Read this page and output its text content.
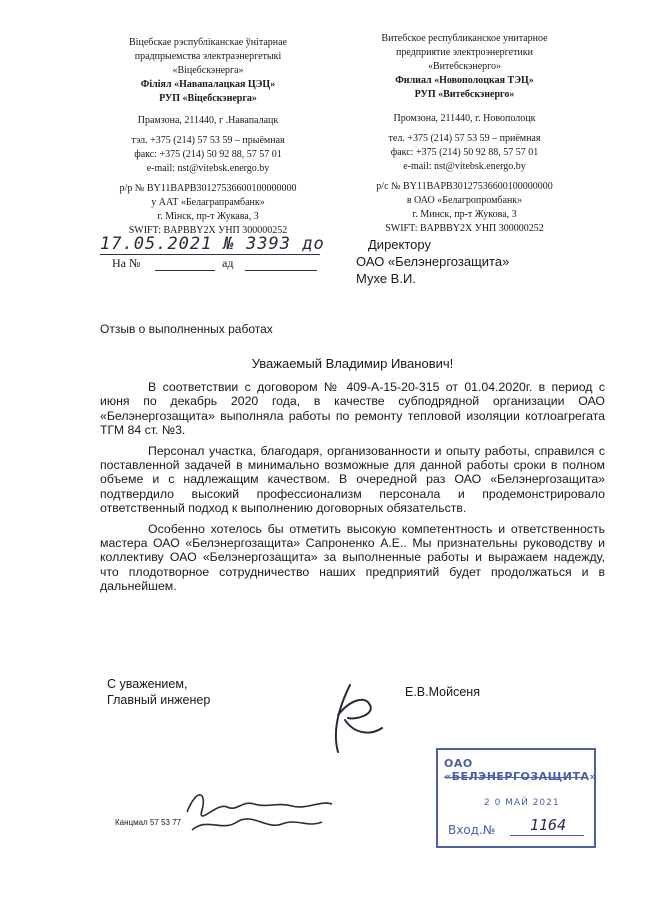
Віцебскае рэспубліканскае ўнітарнае
прадпрыемства электраэнергетыкі
«Віцебскэнерга»
Філіял «Навапалацкая ЦЭЦ»
РУП «Віцебскэнерга»
Прамзона, 211440, г .Навапалацк
тэл. +375 (214) 57 53 59 – прыёмная
факс: +375 (214) 50 92 88, 57 57 01
e-mail: nst@vitebsk.energo.by
р/р № BY11BAPB30127536600100000000
у ААТ «Белаграпрамбанк»
г. Мінск, пр-т Жукава, 3
SWIFT: BAPBBY2X УНП 300000252
Витебское республиканское унитарное
предприятие электроэнергетики
«Витебскэнерго»
Филиал «Новополоцкая ТЭЦ»
РУП «Витебскэнерго»
Промзона, 211440, г. Новополоцк
тел. +375 (214) 57 53 59 – приёмная
факс: +375 (214) 50 92 88, 57 57 01
e-mail: nst@vitebsk.energo.by
р/с № BY11BAPB30127536600100000000
в ОАО «Белагропромбанк»
г. Минск, пр-т Жукова, 3
SWIFT: BAPBBY2X УНП 300000252
17.05.2021 № 3393 до
На №	ад
Директору
ОАО «Белэнергозащита»
Мухе В.И.
Отзыв о выполненных работах
Уважаемый Владимир Иванович!

В соответствии с договором № 409-А-15-20-315 от 01.04.2020г. в период с июня по декабрь 2020 года, в качестве субподрядной организации ОАО «Белэнергозащита» выполняла работы по ремонту тепловой изоляции котлоагрегата ТГМ 84 ст. №3.

Персонал участка, благодаря, организованности и опыту работы, справился с поставленной задачей в минимально возможные для данной работы сроки в полном объеме и с надлежащим качеством. В очередной раз ОАО «Белэнергозащита» подтвердило высокий профессионализм персонала и продемонстрировало ответственный подход к выполнению договорных обязательств.

Особенно хотелось бы отметить высокую компетентность и ответственность мастера ОАО «Белэнергозащита» Сапроненко А.Е.. Мы признательны руководству и коллективу ОАО «Белэнергозащита» за выполненные работы и выражаем надежду, что плодотворное сотрудничество наших предприятий будет продолжаться и в дальнейшем.

С уважением,
Главный инженер
Е.В.Мойсеня
Канцмал 57 53 77
ОАО «БЕЛЭНЕРГОЗАЩИТА»
2 0 МАЙ 2021
Вход.№ 1164
